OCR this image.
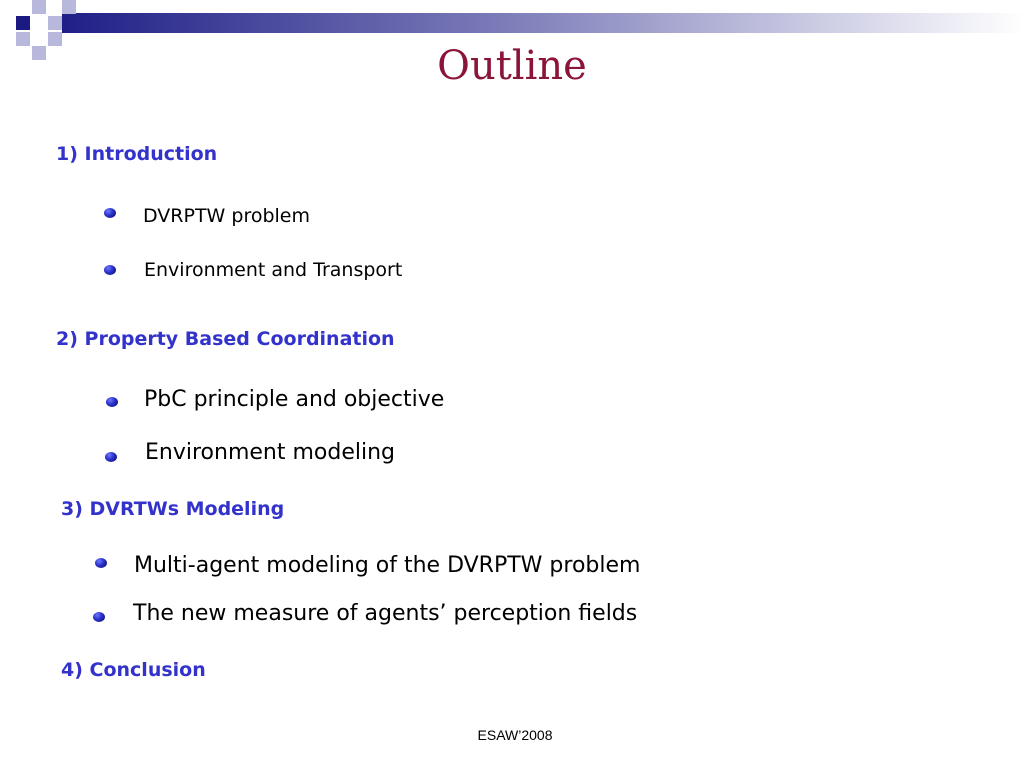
Outline
1) Introduction
DVRPTW problem
Environment and Transport
2) Property Based Coordination
PbC principle and objective
Environment modeling
3) DVRTWs Modeling
Multi-agent modeling of the DVRPTW problem
The new measure of agents’ perception fields
4) Conclusion
ESAW’2008
